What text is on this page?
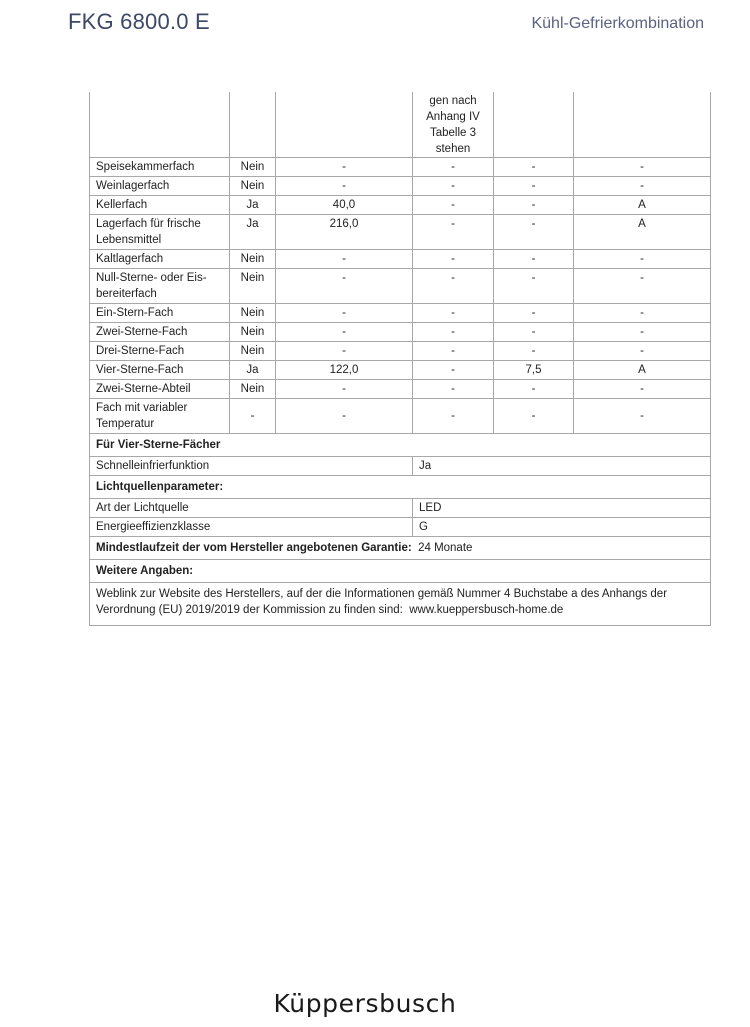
FKG 6800.0 E	Kühl-Gefrierkombination

			gen nach
Anhang IV
Tabelle 3
stehen		

Speisekammerfach	Nein	-	-	-	-
Weinlagerfach	Nein	-	-	-	-
Kellerfach	Ja	40,0	-	-	A
Lagerfach für frische Lebensmittel	Ja	216,0	-	-	A
Kaltlagerfach	Nein	-	-	-	-
Null-Sterne- oder Eis-bereiterfach	Nein	-	-	-	-
Ein-Stern-Fach	Nein	-	-	-	-
Zwei-Sterne-Fach	Nein	-	-	-	-
Drei-Sterne-Fach	Nein	-	-	-	-
Vier-Sterne-Fach	Ja	122,0	-	7,5	A
Zwei-Sterne-Abteil	Nein	-	-	-	-
Fach mit variabler Temperatur	-	-	-	-	-
Für Vier-Sterne-Fächer					
Schnelleinfrierfunktion			Ja		
Lichtquellenparameter:					
Art der Lichtquelle			LED		
Energieeffizienzklasse			G		
Mindestlaufzeit der vom Hersteller angebotenen Garantie: 24 Monate					
Weitere Angaben:					
Weblink zur Website des Herstellers, auf der die Informationen gemäß Nummer 4 Buchstabe a des Anhangs der Verordnung (EU) 2019/2019 der Kommission zu finden sind: www.kueppersbusch-home.de					
Küppersbusch
